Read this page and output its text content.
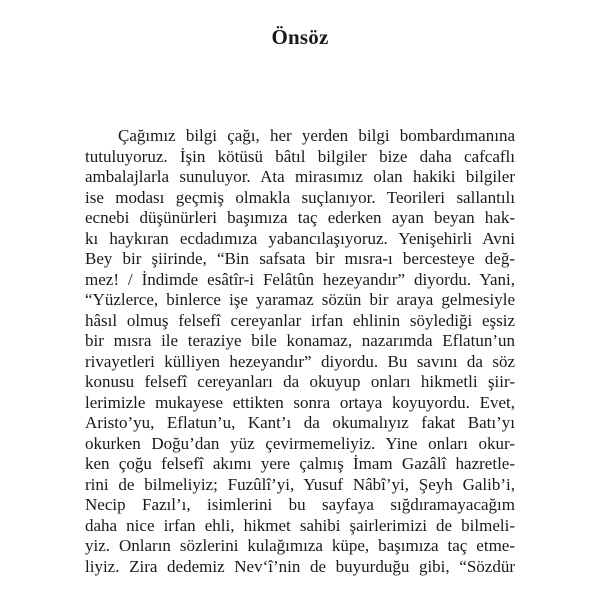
Önsöz
Çağımız bilgi çağı, her yerden bilgi bombardımanına
tutuluyoruz. İşin kötüsü bâtıl bilgiler bize daha cafcaflı
ambalajlarla sunuluyor. Ata mirasımız olan hakiki bilgiler
ise modası geçmiş olmakla suçlanıyor. Teorileri sallantılı
ecnebi düşünürleri başımıza taç ederken ayan beyan hak-
kı haykıran ecdadımıza yabancılaşıyoruz. Yenişehirli Avni
Bey bir şiirinde, “Bin safsata bir mısra-ı bercesteye değ-
mez! / İndimde esâtîr-i Felâtûn hezeyandır” diyordu. Yani,
“Yüzlerce, binlerce işe yaramaz sözün bir araya gelmesiyle
hâsıl olmuş felsefî cereyanlar irfan ehlinin söylediği eşsiz
bir mısra ile teraziye bile konamaz, nazarımda Eflatun’un
rivayetleri külliyen hezeyandır” diyordu. Bu savını da söz
konusu felsefî cereyanları da okuyup onları hikmetli şiir-
lerimizle mukayese ettikten sonra ortaya koyuyordu. Evet,
Aristo’yu, Eflatun’u, Kant’ı da okumalıyız fakat Batı’yı
okurken Doğu’dan yüz çevirmemeliyiz. Yine onları okur-
ken çoğu felsefî akımı yere çalmış İmam Gazâlî hazretle-
rini de bilmeliyiz; Fuzûlî’yi, Yusuf Nâbî’yi, Şeyh Galib’i,
Necip Fazıl’ı, isimlerini bu sayfaya sığdıramayacağım
daha nice irfan ehli, hikmet sahibi şairlerimizi de bilmeli-
yiz. Onların sözlerini kulağımıza küpe, başımıza taç etme-
liyiz. Zira dedemiz Nev‘î’nin de buyurduğu gibi, “Sözdür
